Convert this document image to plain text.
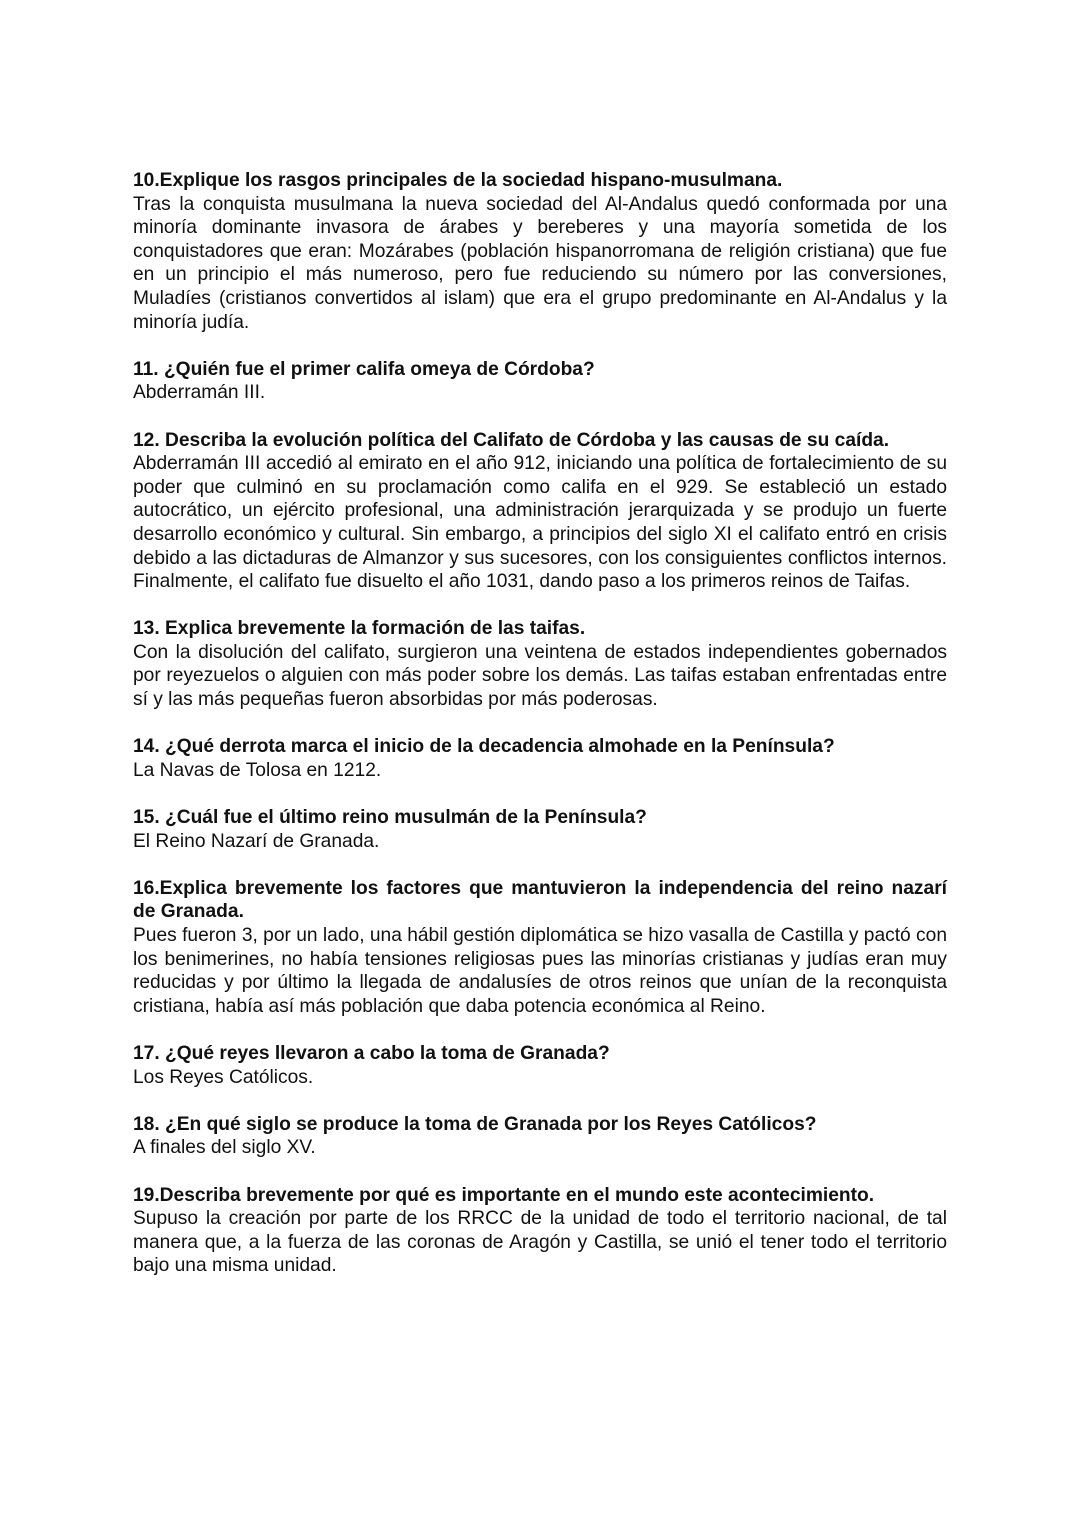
10.Explique los rasgos principales de la sociedad hispano-musulmana.

Tras la conquista musulmana la nueva sociedad del Al-Andalus quedó conformada por una minoría dominante invasora de árabes y bereberes y una mayoría sometida de los conquistadores que eran: Mozárabes (población hispanorromana de religión cristiana) que fue en un principio el más numeroso, pero fue reduciendo su número por las conversiones, Muladíes (cristianos convertidos al islam) que era el grupo predominante en Al-Andalus y la minoría judía.

11. ¿Quién fue el primer califa omeya de Córdoba?

Abderramán III.

12. Describa la evolución política del Califato de Córdoba y las causas de su caída.

Abderramán III accedió al emirato en el año 912, iniciando una política de fortalecimiento de su poder que culminó en su proclamación como califa en el 929. Se estableció un estado autocrático, un ejército profesional, una administración jerarquizada y se produjo un fuerte desarrollo económico y cultural. Sin embargo, a principios del siglo XI el califato entró en crisis debido a las dictaduras de Almanzor y sus sucesores, con los consiguientes conflictos internos. Finalmente, el califato fue disuelto el año 1031, dando paso a los primeros reinos de Taifas.

13. Explica brevemente la formación de las taifas.

Con la disolución del califato, surgieron una veintena de estados independientes gobernados por reyezuelos o alguien con más poder sobre los demás. Las taifas estaban enfrentadas entre sí y las más pequeñas fueron absorbidas por más poderosas.

14. ¿Qué derrota marca el inicio de la decadencia almohade en la Península?

La Navas de Tolosa en 1212.

15. ¿Cuál fue el último reino musulmán de la Península?

El Reino Nazarí de Granada.

16.Explica brevemente los factores que mantuvieron la independencia del reino nazarí de Granada.

Pues fueron 3, por un lado, una hábil gestión diplomática se hizo vasalla de Castilla y pactó con los benimerines, no había tensiones religiosas pues las minorías cristianas y judías eran muy reducidas y por último la llegada de andalusíes de otros reinos que unían de la reconquista cristiana, había así más población que daba potencia económica al Reino.

17. ¿Qué reyes llevaron a cabo la toma de Granada?

Los Reyes Católicos.

18. ¿En qué siglo se produce la toma de Granada por los Reyes Católicos?

A finales del siglo XV.

19.Describa brevemente por qué es importante en el mundo este acontecimiento.

Supuso la creación por parte de los RRCC de la unidad de todo el territorio nacional, de tal manera que, a la fuerza de las coronas de Aragón y Castilla, se unió el tener todo el territorio bajo una misma unidad.
